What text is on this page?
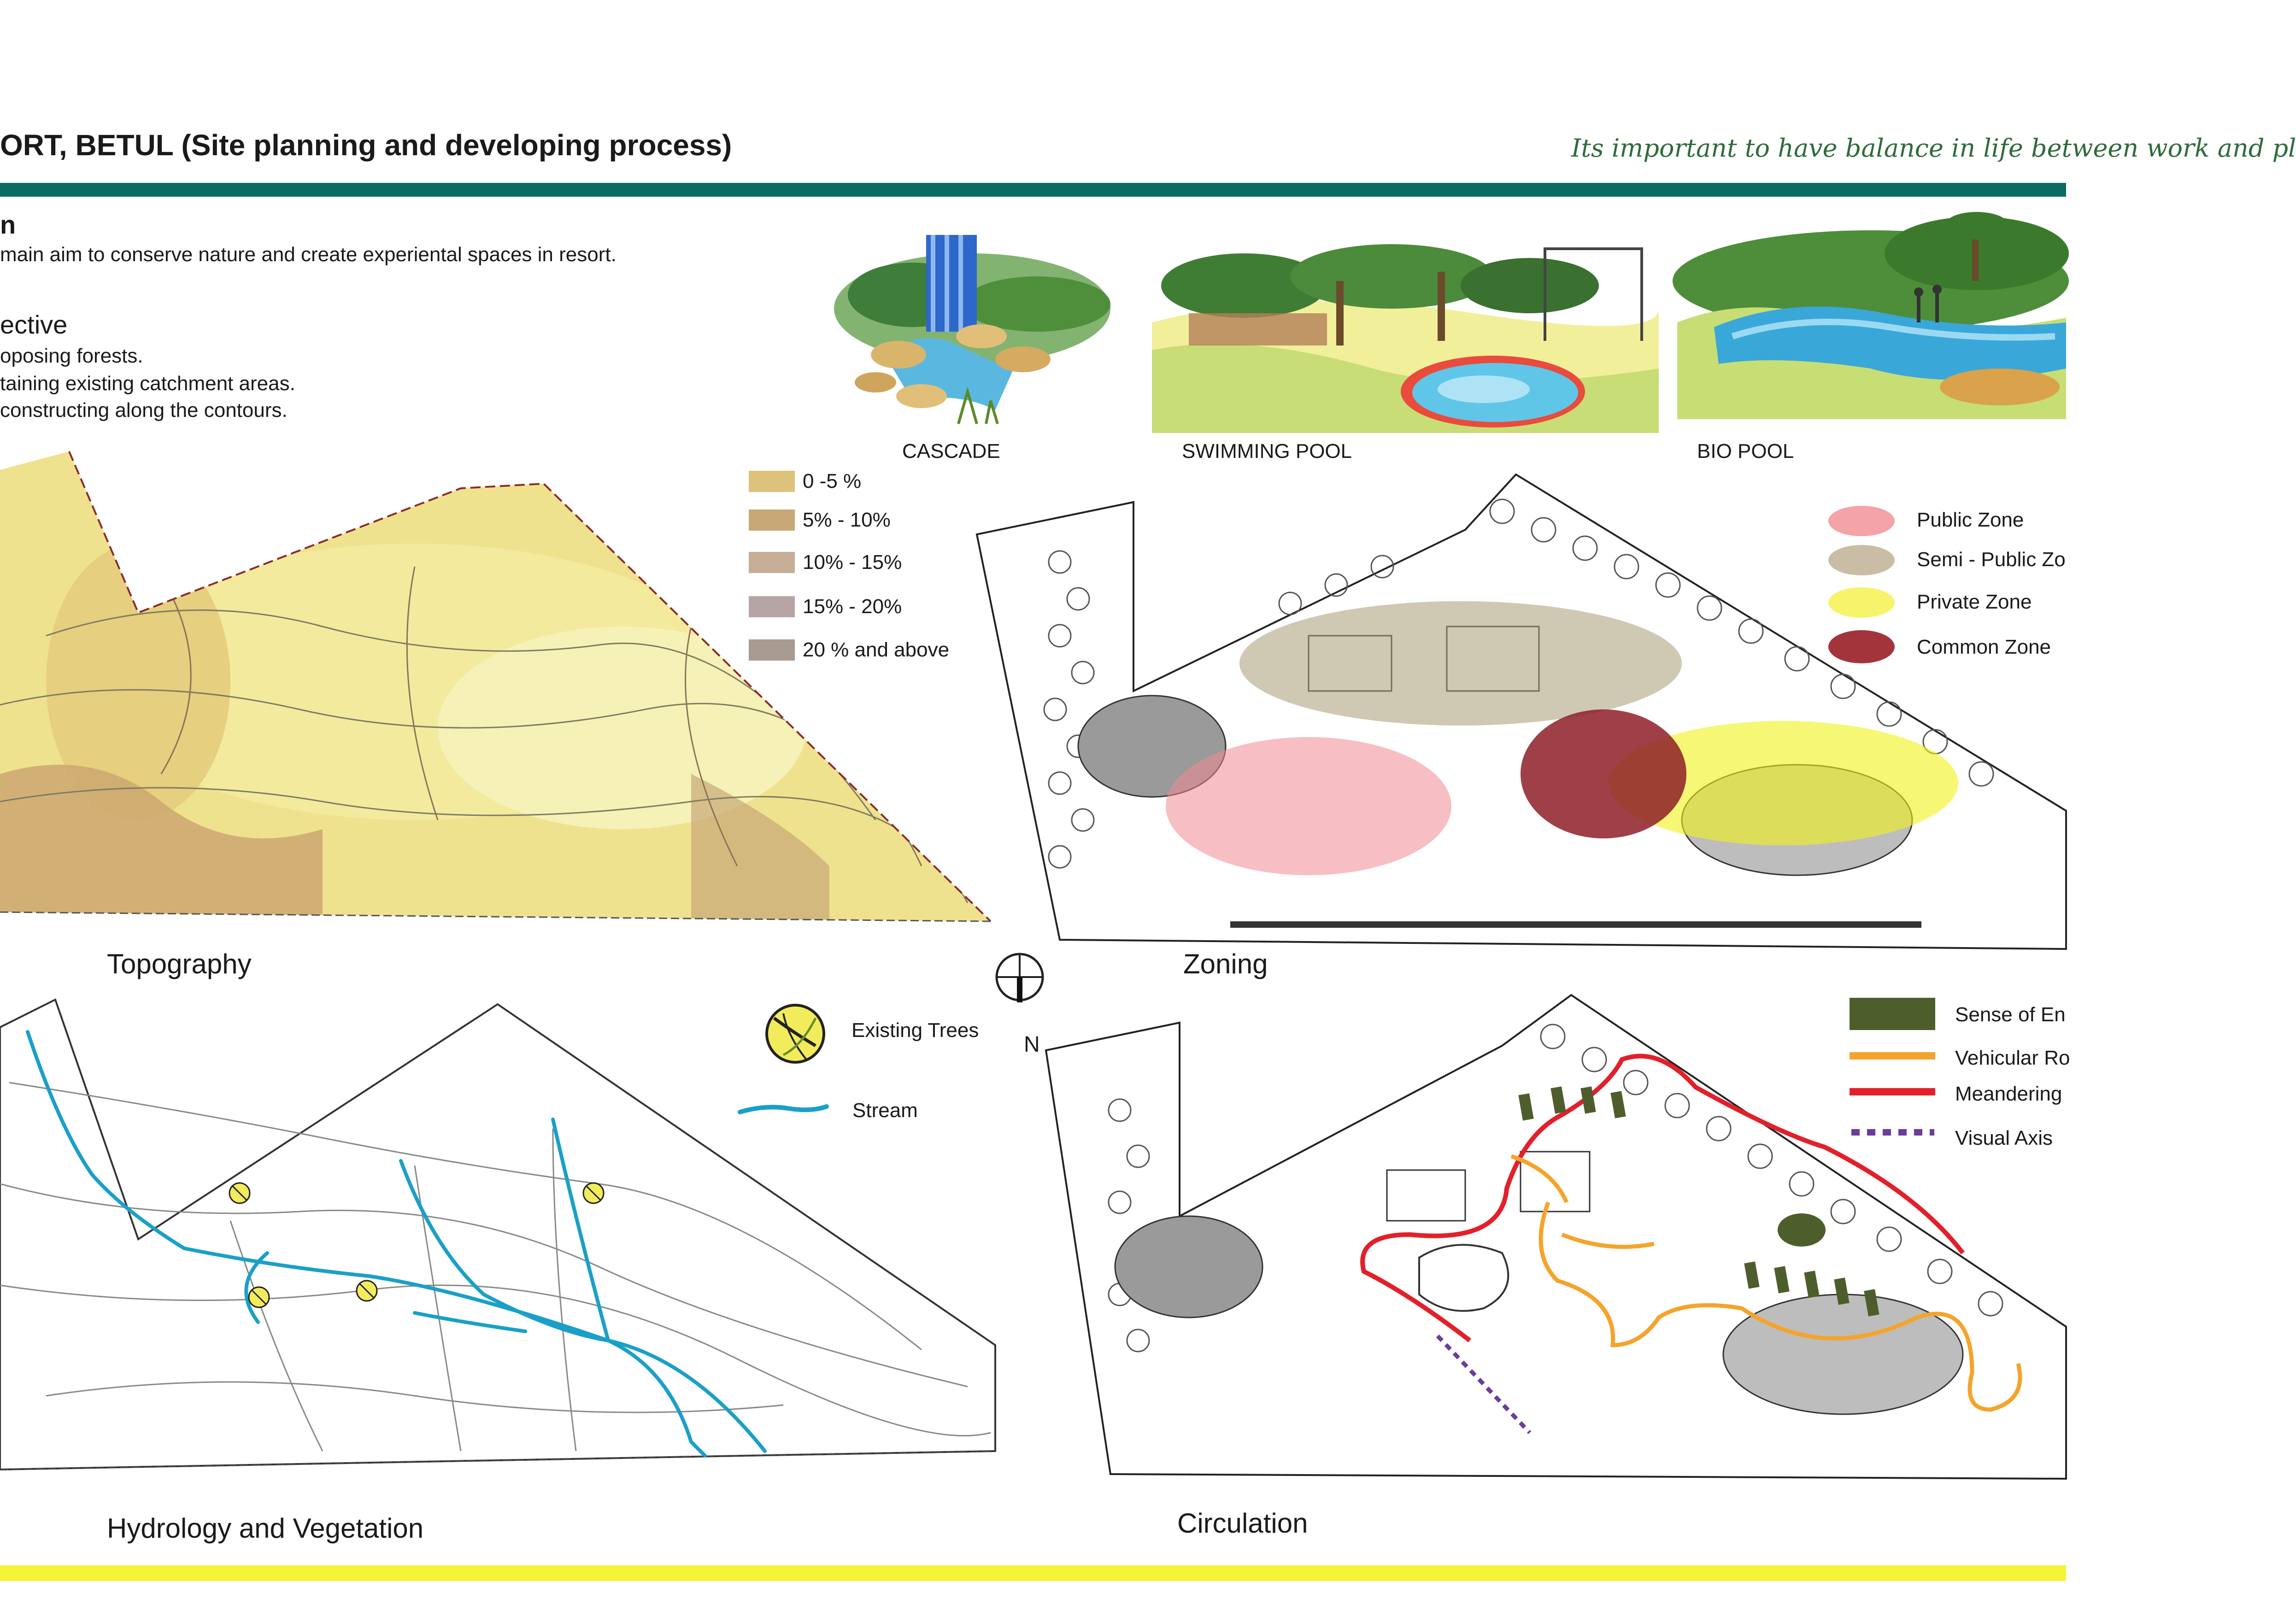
ORT, BETUL (Site planning and developing process)	Its important to have balance in life between work and pl
n
main aim to conserve nature and create experiental spaces in resort.
ective
oposing forests.
taining existing catchment areas.
constructing along the contours.
CASCADE	SWIMMING POOL	BIO POOL
Topography
0 -5 %
5% - 10%
10% - 15%
15% - 20%
20 % and above
Zoning
Public Zone
Semi - Public Zo
Private Zone
Common Zone
N
Hydrology and Vegetation
Existing Trees
Stream
Circulation
Sense of En
Vehicular Ro
Meandering
Visual Axis
